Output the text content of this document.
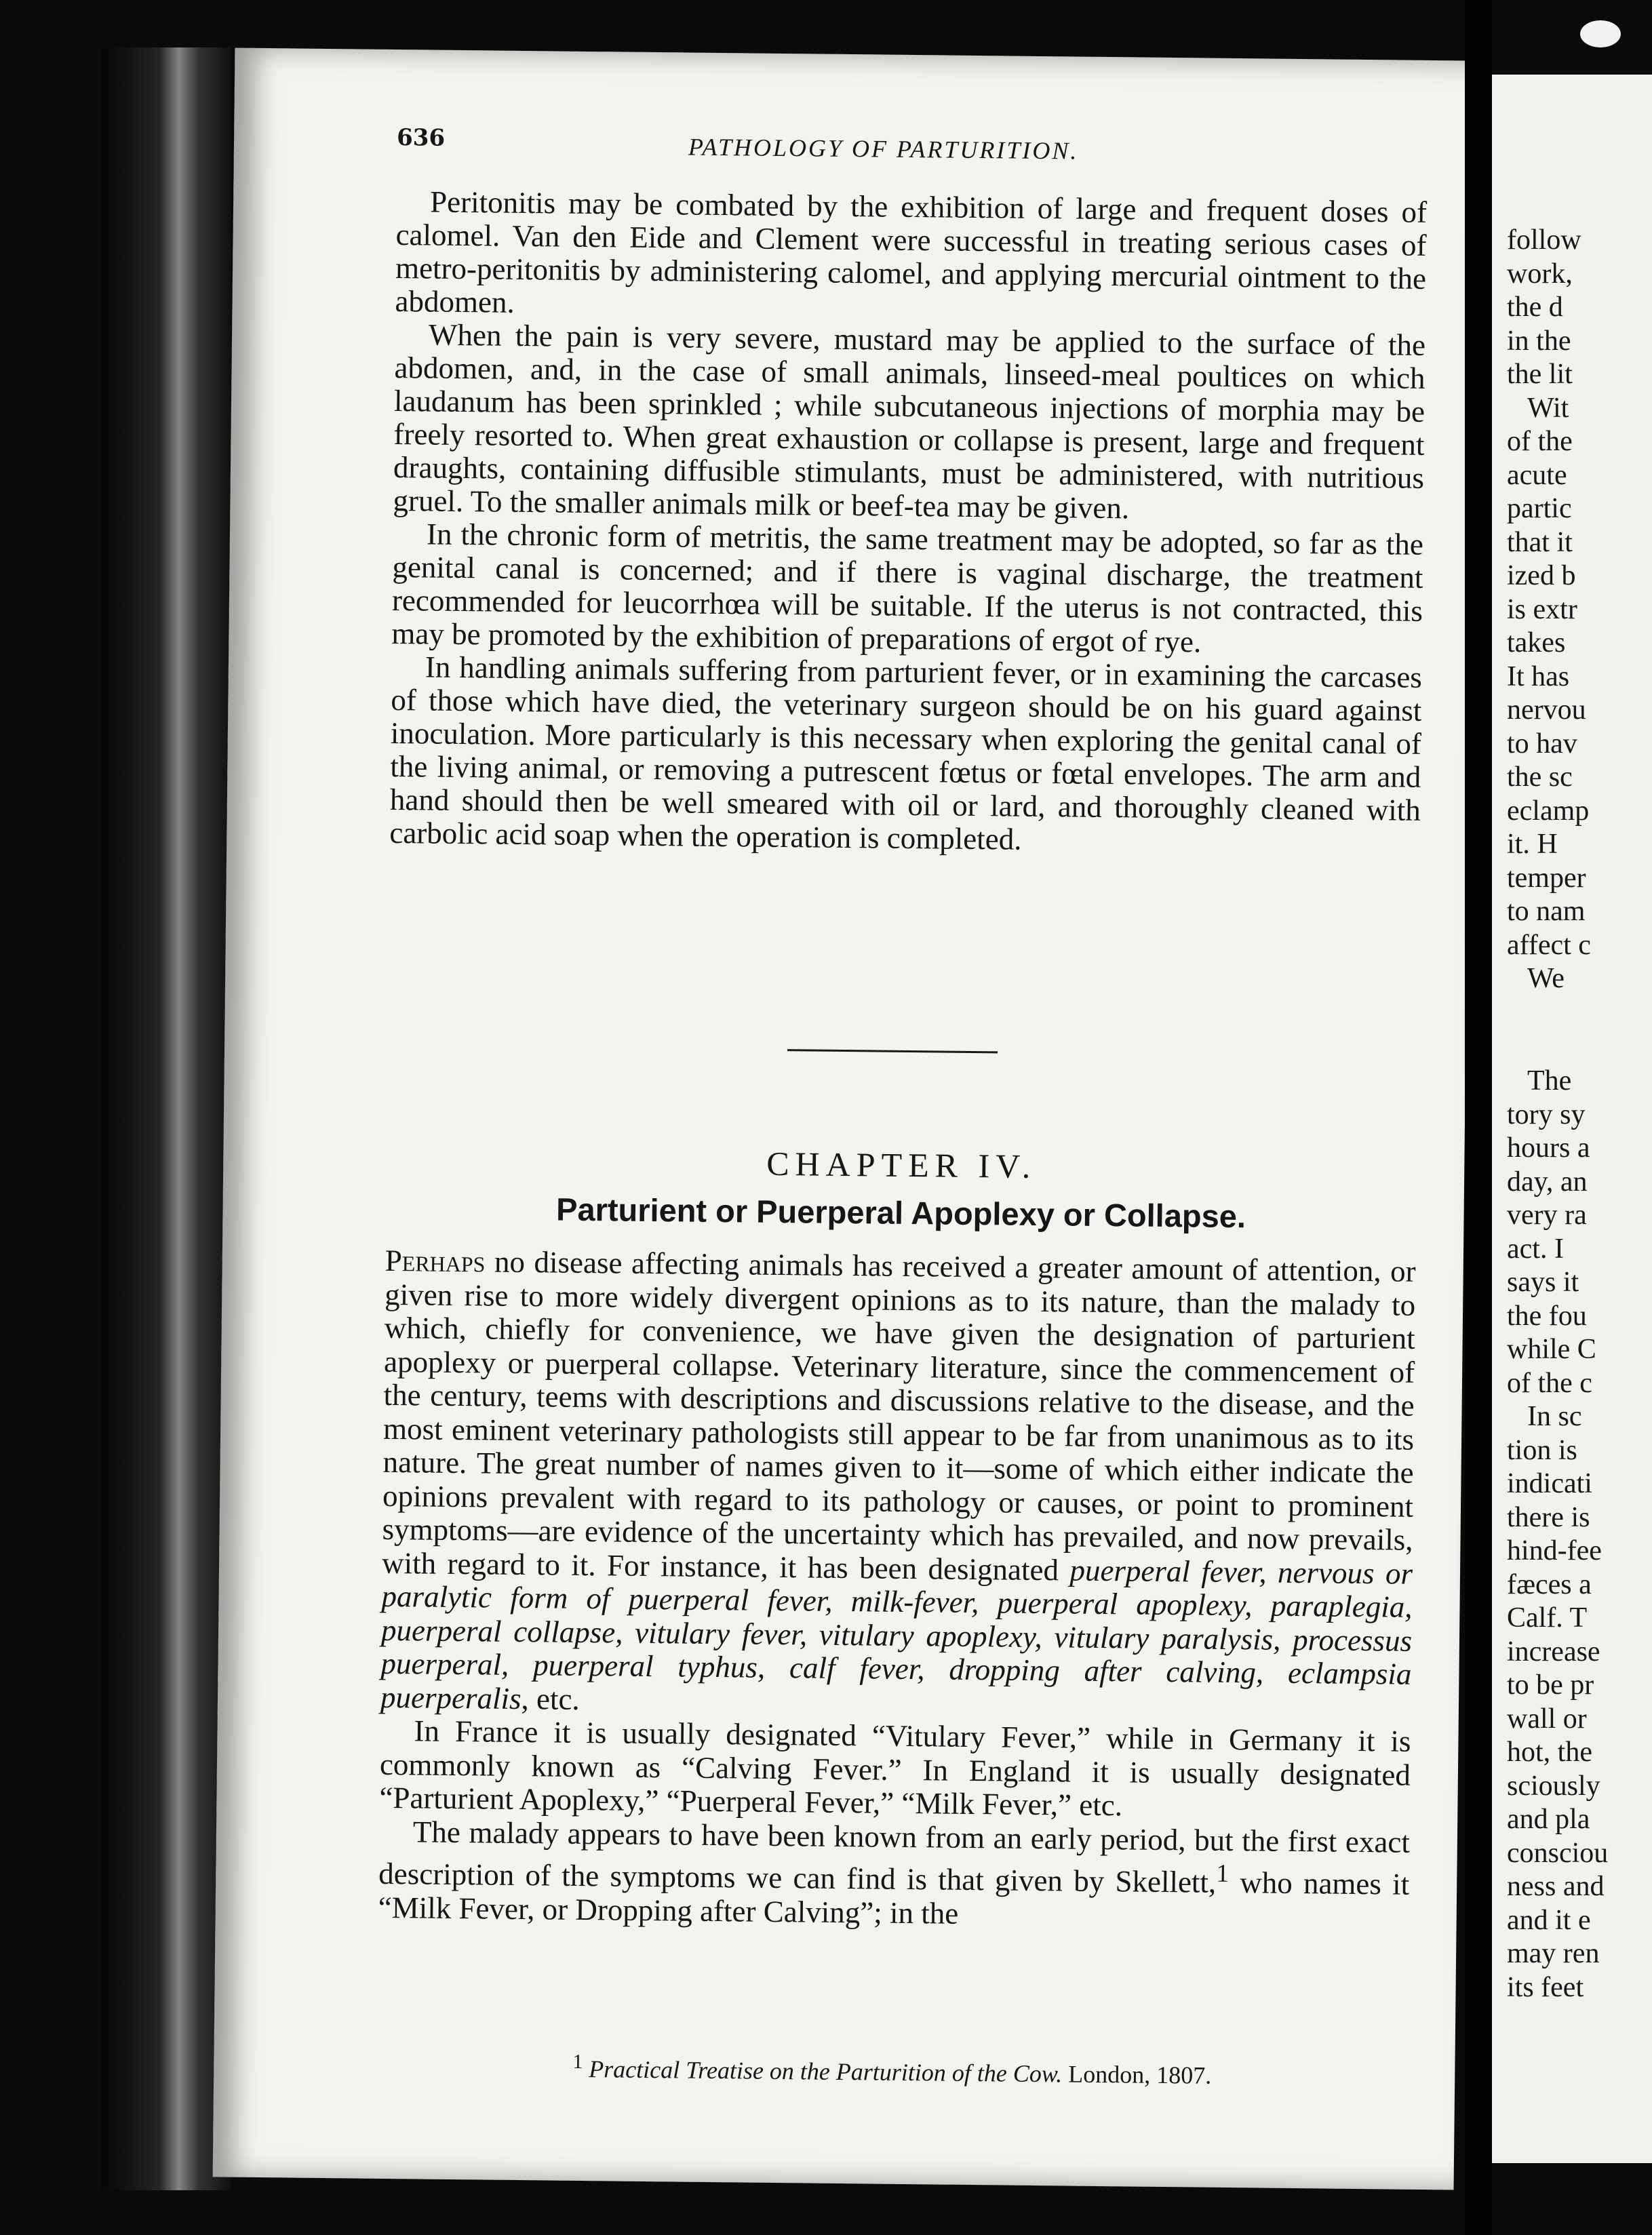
636	PATHOLOGY OF PARTURITION.

Peritonitis may be combated by the exhibition of large and frequent doses of calomel. Van den Eide and Clement were successful in treating serious cases of metro-peritonitis by administering calomel, and applying mercurial ointment to the abdomen.

When the pain is very severe, mustard may be applied to the surface of the abdomen, and, in the case of small animals, linseed-meal poultices on which laudanum has been sprinkled ; while subcutaneous injections of morphia may be freely resorted to. When great exhaustion or collapse is present, large and frequent draughts, containing diffusible stimulants, must be administered, with nutritious gruel. To the smaller animals milk or beef-tea may be given.

In the chronic form of metritis, the same treatment may be adopted, so far as the genital canal is concerned; and if there is vaginal discharge, the treatment recommended for leucorrhœa will be suitable. If the uterus is not contracted, this may be promoted by the exhibition of preparations of ergot of rye.

In handling animals suffering from parturient fever, or in examining the carcases of those which have died, the veterinary surgeon should be on his guard against inoculation. More particularly is this necessary when exploring the genital canal of the living animal, or removing a putrescent fœtus or fœtal envelopes. The arm and hand should then be well smeared with oil or lard, and thoroughly cleaned with carbolic acid soap when the operation is completed.

CHAPTER IV.
Parturient or Puerperal Apoplexy or Collapse.

Perhaps no disease affecting animals has received a greater amount of attention, or given rise to more widely divergent opinions as to its nature, than the malady to which, chiefly for convenience, we have given the designation of parturient apoplexy or puerperal collapse. Veterinary literature, since the commencement of the century, teems with descriptions and discussions relative to the disease, and the most eminent veterinary pathologists still appear to be far from unanimous as to its nature. The great number of names given to it—some of which either indicate the opinions prevalent with regard to its pathology or causes, or point to prominent symptoms—are evidence of the uncertainty which has prevailed, and now prevails, with regard to it. For instance, it has been designated puerperal fever, nervous or paralytic form of puerperal fever, milk-fever, puerperal apoplexy, paraplegia, puerperal collapse, vitulary fever, vitulary apoplexy, vitulary paralysis, processus puerperal, puerperal typhus, calf fever, dropping after calving, eclampsia puerperalis, etc.

In France it is usually designated “Vitulary Fever,” while in Germany it is commonly known as “Calving Fever.” In England it is usually designated “Parturient Apoplexy,” “Puerperal Fever,” “Milk Fever,” etc.

The malady appears to have been known from an early period, but the first exact description of the symptoms we can find is that given by Skellett,$^1$ who names it “Milk Fever, or Dropping after Calving”; in the

$^1$ Practical Treatise on the Parturition of the Cow. London, 1807.
follow
work,
the d
in the
the lit
Wit
of the
acute
partic
that it
ized b
is extr
takes
It has
nervou
to hav
the sc
eclamp
it. H
temper
to nam
affect c
We
The
tory sy
hours a
day, an
very ra
act. I
says it
the fou
while C
of the c
In sc
tion is
indicati
there is
hind-fee
fæces a
Calf. T
increase
to be pr
wall or
hot, the
sciously
and pla
consciou
ness and
and it e
may ren
its feet
